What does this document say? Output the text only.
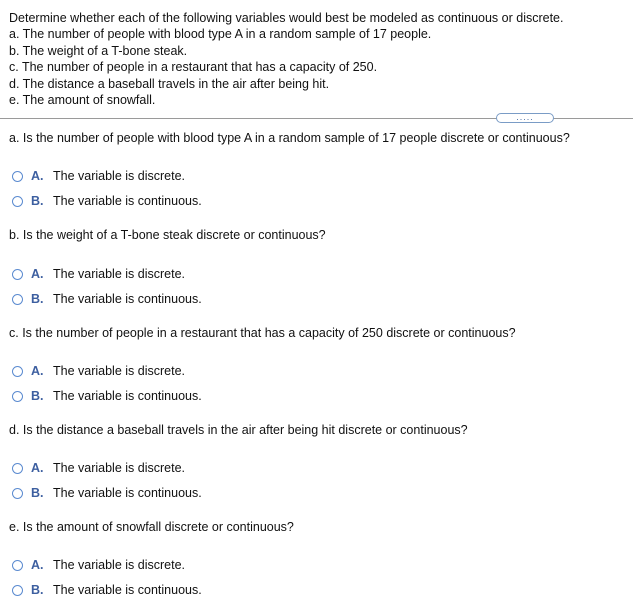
Determine whether each of the following variables would best be modeled as continuous or discrete.
a. The number of people with blood type A in a random sample of 17 people.
b. The weight of a T-bone steak.
c. The number of people in a restaurant that has a capacity of 250.
d. The distance a baseball travels in the air after being hit.
e. The amount of snowfall.
.....
a. Is the number of people with blood type A in a random sample of 17 people discrete or continuous?
A. The variable is discrete.
B. The variable is continuous.
b. Is the weight of a T-bone steak discrete or continuous?
A. The variable is discrete.
B. The variable is continuous.
c. Is the number of people in a restaurant that has a capacity of 250 discrete or continuous?
A. The variable is discrete.
B. The variable is continuous.
d. Is the distance a baseball travels in the air after being hit discrete or continuous?
A. The variable is discrete.
B. The variable is continuous.
e. Is the amount of snowfall discrete or continuous?
A. The variable is discrete.
B. The variable is continuous.
